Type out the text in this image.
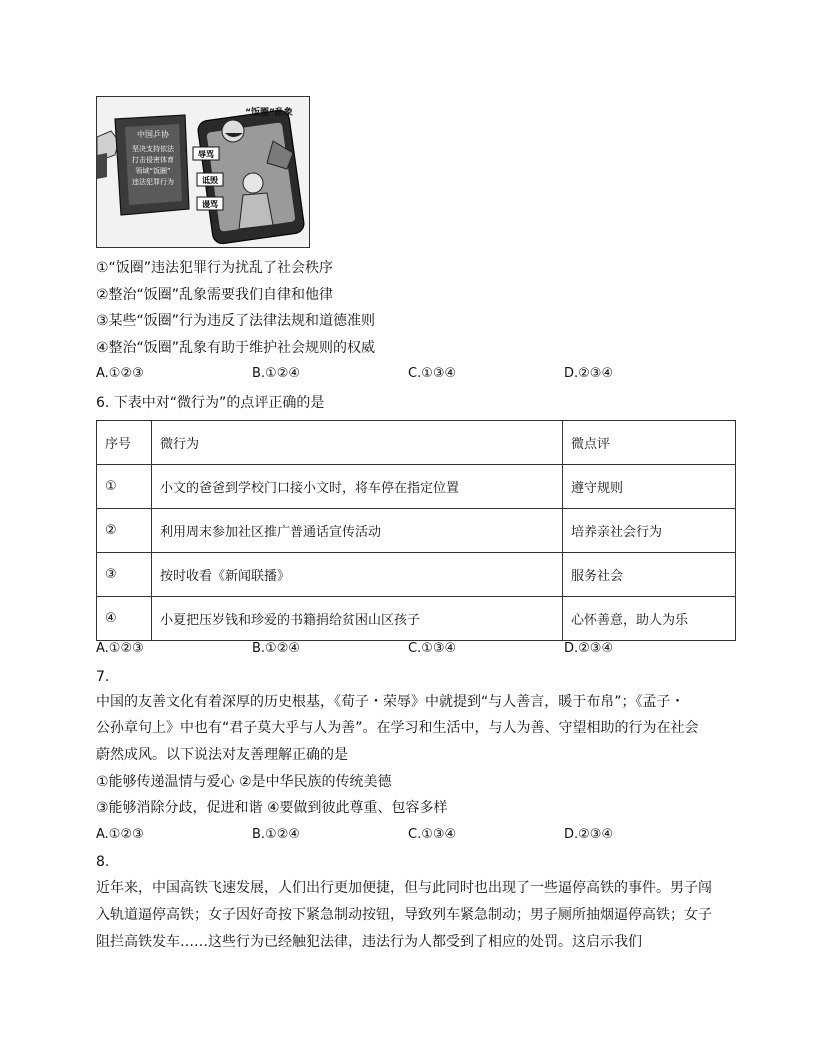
中国乒协
坚决支持依法
打击侵害体育
领域“饭圈”
违法犯罪行为
“饭圈”乱象
辱骂
诋毁
谩骂
①“饭圈”违法犯罪行为扰乱了社会秩序
②整治“饭圈”乱象需要我们自律和他律
③某些“饭圈”行为违反了法律法规和道德准则
④整治“饭圈”乱象有助于维护社会规则的权威
A.①②③	B.①②④	C.①③④	D.②③④
6. 下表中对“微行为”的点评正确的是
序号	微行为	微点评
①	小文的爸爸到学校门口接小文时，将车停在指定位置	遵守规则
②	利用周末参加社区推广普通话宣传活动	培养亲社会行为
③	按时收看《新闻联播》	服务社会
④	小夏把压岁钱和珍爱的书籍捐给贫困山区孩子	心怀善意，助人为乐
A.①②③	B.①②④	C.①③④	D.②③④
7.
中国的友善文化有着深厚的历史根基，《荀子・荣辱》中就提到“与人善言，暖于布帛”；《孟子・
公孙章句上》中也有“君子莫大乎与人为善”。在学习和生活中，与人为善、守望相助的行为在社会
蔚然成风。以下说法对友善理解正确的是
①能够传递温情与爱心 ②是中华民族的传统美德
③能够消除分歧，促进和谐 ④要做到彼此尊重、包容多样
A.①②③	B.①②④	C.①③④	D.②③④
8.
近年来，中国高铁飞速发展，人们出行更加便捷，但与此同时也出现了一些逼停高铁的事件。男子闯
入轨道逼停高铁；女子因好奇按下紧急制动按钮，导致列车紧急制动；男子厕所抽烟逼停高铁；女子
阻拦高铁发车……这些行为已经触犯法律，违法行为人都受到了相应的处罚。这启示我们
